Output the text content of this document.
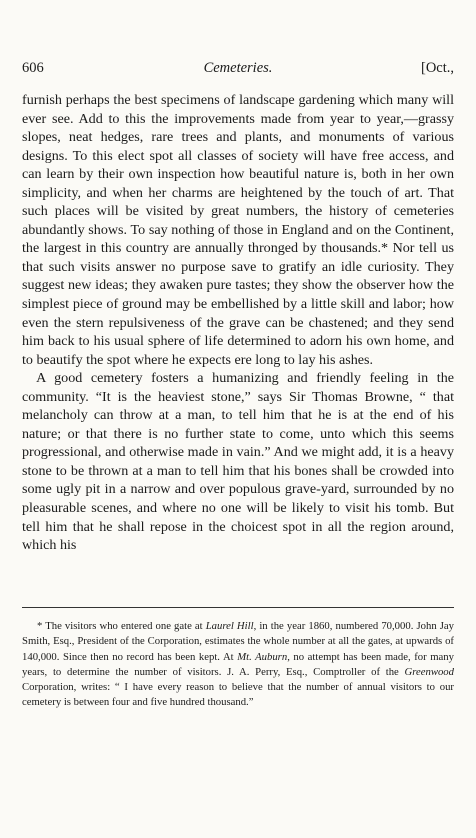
606	Cemeteries.	[Oct.,

furnish perhaps the best specimens of landscape gardening which many will ever see. Add to this the improvements made from year to year,—grassy slopes, neat hedges, rare trees and plants, and monuments of various designs. To this elect spot all classes of society will have free access, and can learn by their own inspection how beautiful nature is, both in her own simplicity, and when her charms are heightened by the touch of art. That such places will be visited by great numbers, the history of cemeteries abundantly shows. To say nothing of those in England and on the Continent, the largest in this country are annually thronged by thousands.* Nor tell us that such visits answer no purpose save to gratify an idle curiosity. They suggest new ideas; they awaken pure tastes; they show the observer how the simplest piece of ground may be embellished by a little skill and labor; how even the stern repulsiveness of the grave can be chastened; and they send him back to his usual sphere of life determined to adorn his own home, and to beautify the spot where he expects ere long to lay his ashes.

A good cemetery fosters a humanizing and friendly feeling in the community. “It is the heaviest stone,” says Sir Thomas Browne, “ that melancholy can throw at a man, to tell him that he is at the end of his nature; or that there is no further state to come, unto which this seems progressional, and otherwise made in vain.” And we might add, it is a heavy stone to be thrown at a man to tell him that his bones shall be crowded into some ugly pit in a narrow and over populous grave-yard, surrounded by no pleasurable scenes, and where no one will be likely to visit his tomb. But tell him that he shall repose in the choicest spot in all the region around, which his

* The visitors who entered one gate at Laurel Hill, in the year 1860, numbered 70,000. John Jay Smith, Esq., President of the Corporation, estimates the whole number at all the gates, at upwards of 140,000. Since then no record has been kept. At Mt. Auburn, no attempt has been made, for many years, to determine the number of visitors. J. A. Perry, Esq., Comptroller of the Greenwood Corporation, writes: “ I have every reason to believe that the number of annual visitors to our cemetery is between four and five hundred thousand.”
